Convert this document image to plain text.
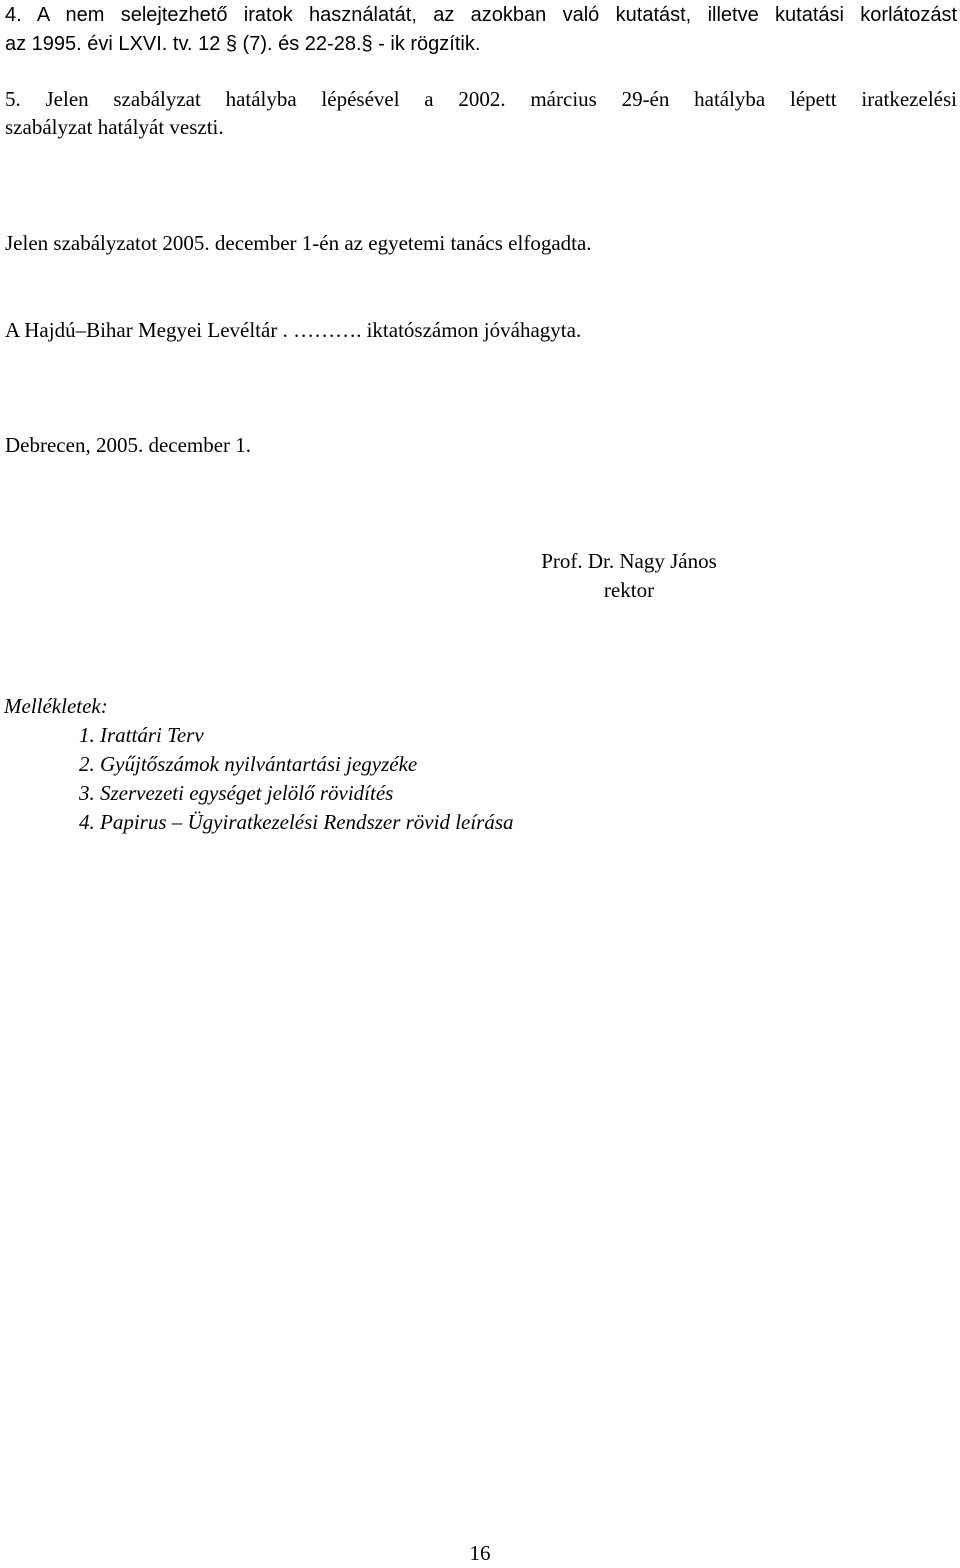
4. A nem selejtezhető iratok használatát, az azokban való kutatást, illetve kutatási korlátozást
az 1995. évi LXVI. tv. 12 § (7). és 22-28.§ - ik rögzítik.
5. Jelen szabályzat hatályba lépésével a 2002. március 29-én hatályba lépett iratkezelési
szabályzat hatályát veszti.
Jelen szabályzatot 2005. december 1-én az egyetemi tanács elfogadta.
A Hajdú–Bihar Megyei Levéltár . ………. iktatószámon jóváhagyta.
Debrecen, 2005. december 1.
Prof. Dr. Nagy János
rektor
Mellékletek:
1. Irattári Terv
2. Gyűjtőszámok nyilvántartási jegyzéke
3. Szervezeti egységet jelölő rövidítés
4. Papirus – Ügyiratkezelési Rendszer rövid leírása
16
